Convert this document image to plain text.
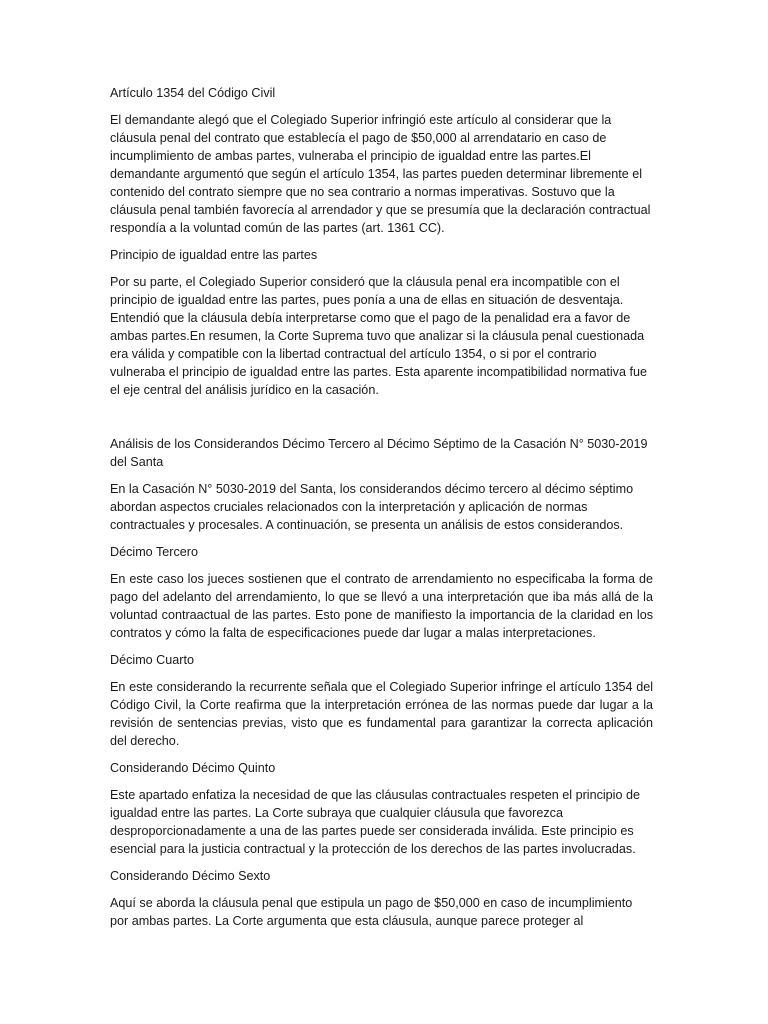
Artículo 1354 del Código Civil

El demandante alegó que el Colegiado Superior infringió este artículo al considerar que la cláusula penal del contrato que establecía el pago de $50,000 al arrendatario en caso de incumplimiento de ambas partes, vulneraba el principio de igualdad entre las partes.El demandante argumentó que según el artículo 1354, las partes pueden determinar libremente el contenido del contrato siempre que no sea contrario a normas imperativas. Sostuvo que la cláusula penal también favorecía al arrendador y que se presumía que la declaración contractual respondía a la voluntad común de las partes (art. 1361 CC).

Principio de igualdad entre las partes

Por su parte, el Colegiado Superior consideró que la cláusula penal era incompatible con el principio de igualdad entre las partes, pues ponía a una de ellas en situación de desventaja. Entendió que la cláusula debía interpretarse como que el pago de la penalidad era a favor de ambas partes.En resumen, la Corte Suprema tuvo que analizar si la cláusula penal cuestionada era válida y compatible con la libertad contractual del artículo 1354, o si por el contrario vulneraba el principio de igualdad entre las partes. Esta aparente incompatibilidad normativa fue el eje central del análisis jurídico en la casación.

Análisis de los Considerandos Décimo Tercero al Décimo Séptimo de la Casación N° 5030-2019 del Santa

En la Casación N° 5030-2019 del Santa, los considerandos décimo tercero al décimo séptimo abordan aspectos cruciales relacionados con la interpretación y aplicación de normas contractuales y procesales. A continuación, se presenta un análisis de estos considerandos.

Décimo Tercero

En este caso los jueces sostienen que el contrato de arrendamiento no especificaba la forma de pago del adelanto del arrendamiento, lo que se llevó a una interpretación que iba más allá de la voluntad contraactual de las partes. Esto pone de manifiesto la importancia de la claridad en los contratos y cómo la falta de especificaciones puede dar lugar a malas interpretaciones.

Décimo Cuarto

En este considerando la recurrente señala que el Colegiado Superior infringe el artículo 1354 del Código Civil, la Corte reafirma que la interpretación errónea de las normas puede dar lugar a la revisión de sentencias previas, visto que es fundamental para garantizar la correcta aplicación del derecho.

Considerando Décimo Quinto

Este apartado enfatiza la necesidad de que las cláusulas contractuales respeten el principio de igualdad entre las partes. La Corte subraya que cualquier cláusula que favorezca desproporcionadamente a una de las partes puede ser considerada inválida. Este principio es esencial para la justicia contractual y la protección de los derechos de las partes involucradas.

Considerando Décimo Sexto

Aquí se aborda la cláusula penal que estipula un pago de $50,000 en caso de incumplimiento por ambas partes. La Corte argumenta que esta cláusula, aunque parece proteger al
